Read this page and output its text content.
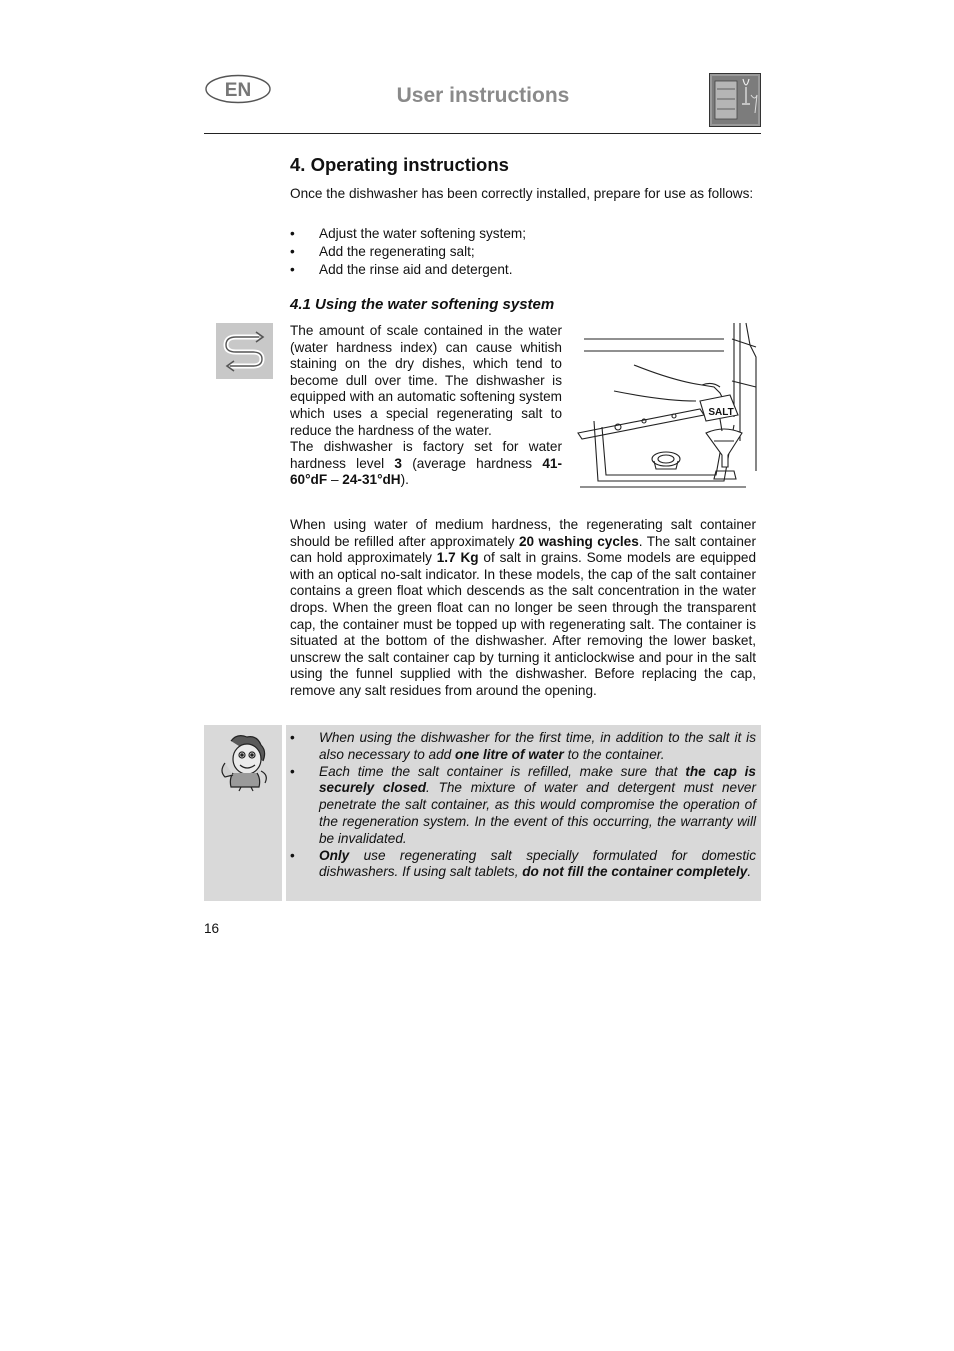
EN	User instructions
4. Operating instructions

Once the dishwasher has been correctly installed, prepare for use as follows:

• Adjust the water softening system;
• Add the regenerating salt;
• Add the rinse aid and detergent.
4.1 Using the water softening system

The amount of scale contained in the water (water hardness index) can cause whitish staining on the dry dishes, which tend to become dull over time. The dishwasher is equipped with an automatic softening system which uses a special regenerating salt to reduce the hardness of the water.
The dishwasher is factory set for water hardness level 3 (average hardness 41-60°dF – 24-31°dH).

SALT

When using water of medium hardness, the regenerating salt container should be refilled after approximately 20 washing cycles. The salt container can hold approximately 1.7 Kg of salt in grains. Some models are equipped with an optical no-salt indicator. In these models, the cap of the salt container contains a green float which descends as the salt concentration in the water drops. When the green float can no longer be seen through the transparent cap, the container must be topped up with regenerating salt. The container is situated at the bottom of the dishwasher. After removing the lower basket, unscrew the salt container cap by turning it anticlockwise and pour in the salt using the funnel supplied with the dishwasher. Before replacing the cap, remove any salt residues from around the opening.

• When using the dishwasher for the first time, in addition to the salt it is also necessary to add one litre of water to the container.
• Each time the salt container is refilled, make sure that the cap is securely closed. The mixture of water and detergent must never penetrate the salt container, as this would compromise the operation of the regeneration system. In the event of this occurring, the warranty will be invalidated.
• Only use regenerating salt specially formulated for domestic dishwashers. If using salt tablets, do not fill the container completely.
16
